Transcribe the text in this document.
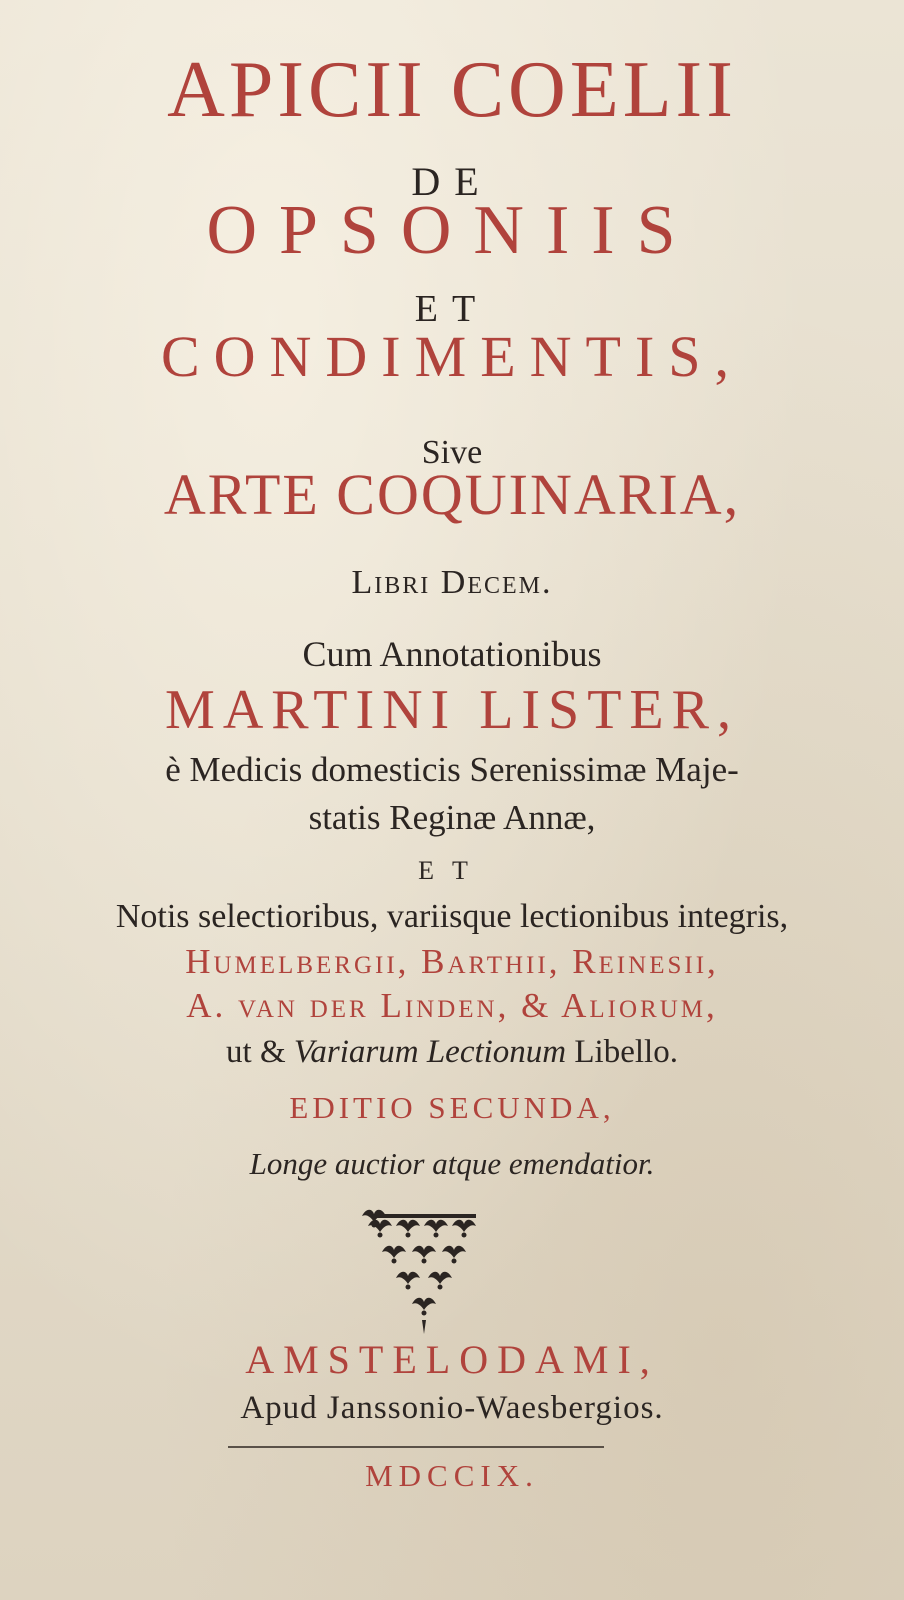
APICII COELII
DE
OPSONIIS
ET
CONDIMENTIS,
Sive
ARTE COQUINARIA,
Libri Decem.
Cum Annotationibus
MARTINI LISTER,
è Medicis domesticis Serenissimæ Maje-
statis Reginæ Annæ,
ET
Notis selectioribus, variisque lectionibus integris,
Humelbergii, Barthii, Reinesii,
A. van der Linden, & Aliorum,
ut & Variarum Lectionum Libello.
EDITIO SECUNDA,
Longe auctior atque emendatior.
AMSTELODAMI,
Apud Janssonio-Waesbergios.
MDCCIX.
